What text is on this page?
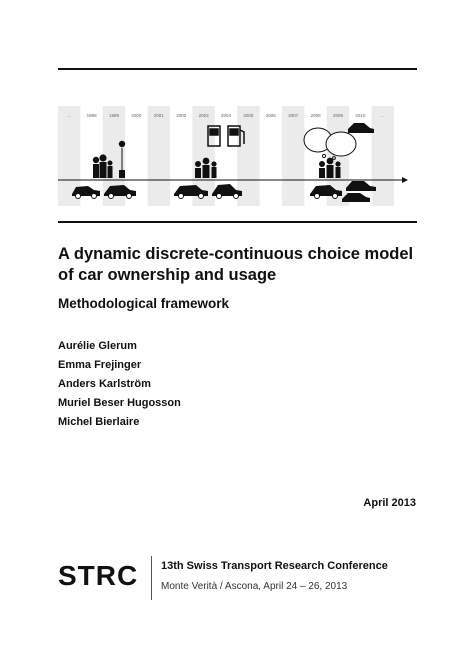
...	1998	1999	2000	2001	2002	2003	2004	2005	2006	2007	2008	2009	2010	...
A dynamic discrete-continuous choice model of car ownership and usage
Methodological framework
Aurélie Glerum
Emma Frejinger
Anders Karlström
Muriel Beser Hugosson
Michel Bierlaire
April 2013
STRC 13th Swiss Transport Research Conference
Monte Verità / Ascona, April 24 – 26, 2013
